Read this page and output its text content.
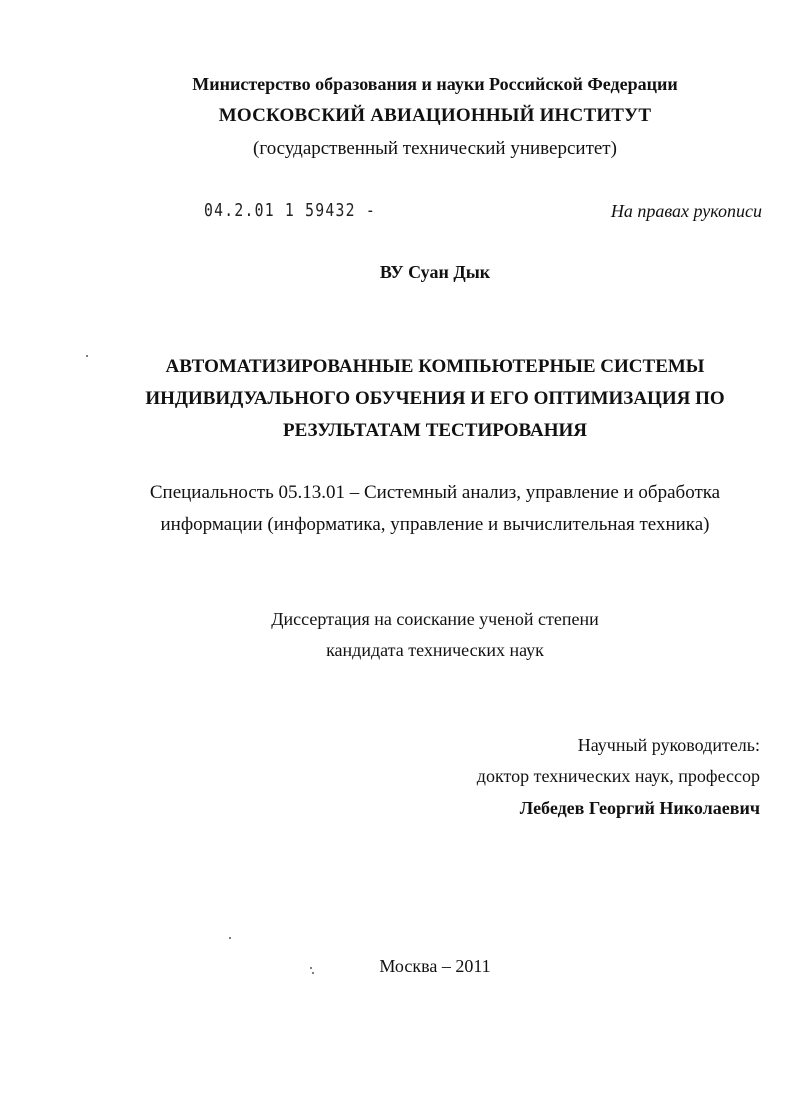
Министерство образования и науки Российской Федерации
МОСКОВСКИЙ АВИАЦИОННЫЙ ИНСТИТУТ
(государственный технический университет)
04.2.01 1 59432 -	На правах рукописи
ВУ Суан Дык
АВТОМАТИЗИРОВАННЫЕ КОМПЬЮТЕРНЫЕ СИСТЕМЫ
ИНДИВИДУАЛЬНОГО ОБУЧЕНИЯ И ЕГО ОПТИМИЗАЦИЯ ПО
РЕЗУЛЬТАТАМ ТЕСТИРОВАНИЯ
Специальность 05.13.01 – Системный анализ, управление и обработка
информации (информатика, управление и вычислительная техника)
Диссертация на соискание ученой степени
кандидата технических наук
Научный руководитель:
доктор технических наук, профессор
Лебедев Георгий Николаевич
Москва – 2011
